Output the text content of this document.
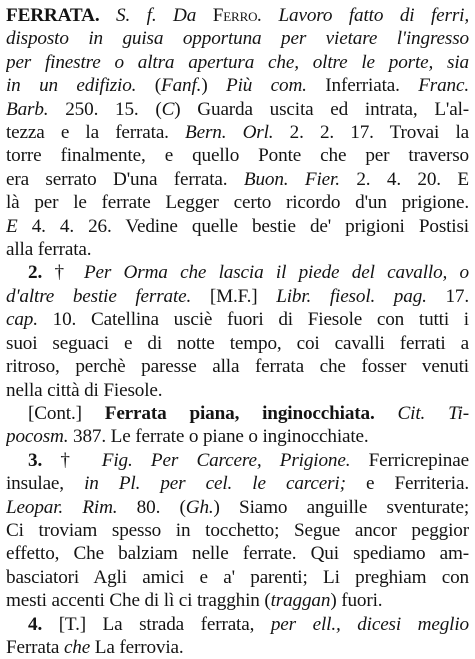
FERRATA. S. f. Da Ferro. Lavoro fatto di ferri,
disposto in guisa opportuna per vietare l'ingresso
per finestre o altra apertura che, oltre le porte, sia
in un edifizio. (Fanf.) Più com. Inferriata. Franc.
Barb. 250. 15. (C) Guarda uscita ed intrata, L'al-
tezza e la ferrata. Bern. Orl. 2. 2. 17. Trovai la
torre finalmente, e quello Ponte che per traverso
era serrato D'una ferrata. Buon. Fier. 2. 4. 20. E
là per le ferrate Legger certo ricordo d'un prigione.
E 4. 4. 26. Vedine quelle bestie de' prigioni Postisi
alla ferrata.
2. † Per Orma che lascia il piede del cavallo, o
d'altre bestie ferrate. [M.F.] Libr. fiesol. pag. 17.
cap. 10. Catellina usciè fuori di Fiesole con tutti i
suoi seguaci e di notte tempo, coi cavalli ferrati a
ritroso, perchè paresse alla ferrata che fosser venuti
nella città di Fiesole.
[Cont.] Ferrata piana, inginocchiata. Cit. Ti-
pocosm. 387. Le ferrate o piane o inginocchiate.
3. † Fig. Per Carcere, Prigione. Ferricrepinae
insulae, in Pl. per cel. le carceri; e Ferriteria.
Leopar. Rim. 80. (Gh.) Siamo anguille sventurate;
Ci troviam spesso in tocchetto; Segue ancor peggior
effetto, Che balziam nelle ferrate. Qui spediamo am-
basciatori Agli amici e a' parenti; Li preghiam con
mesti accenti Che di lì ci tragghin (traggan) fuori.
4. [T.] La strada ferrata, per ell., dicesi meglio
Ferrata che La ferrovia.
